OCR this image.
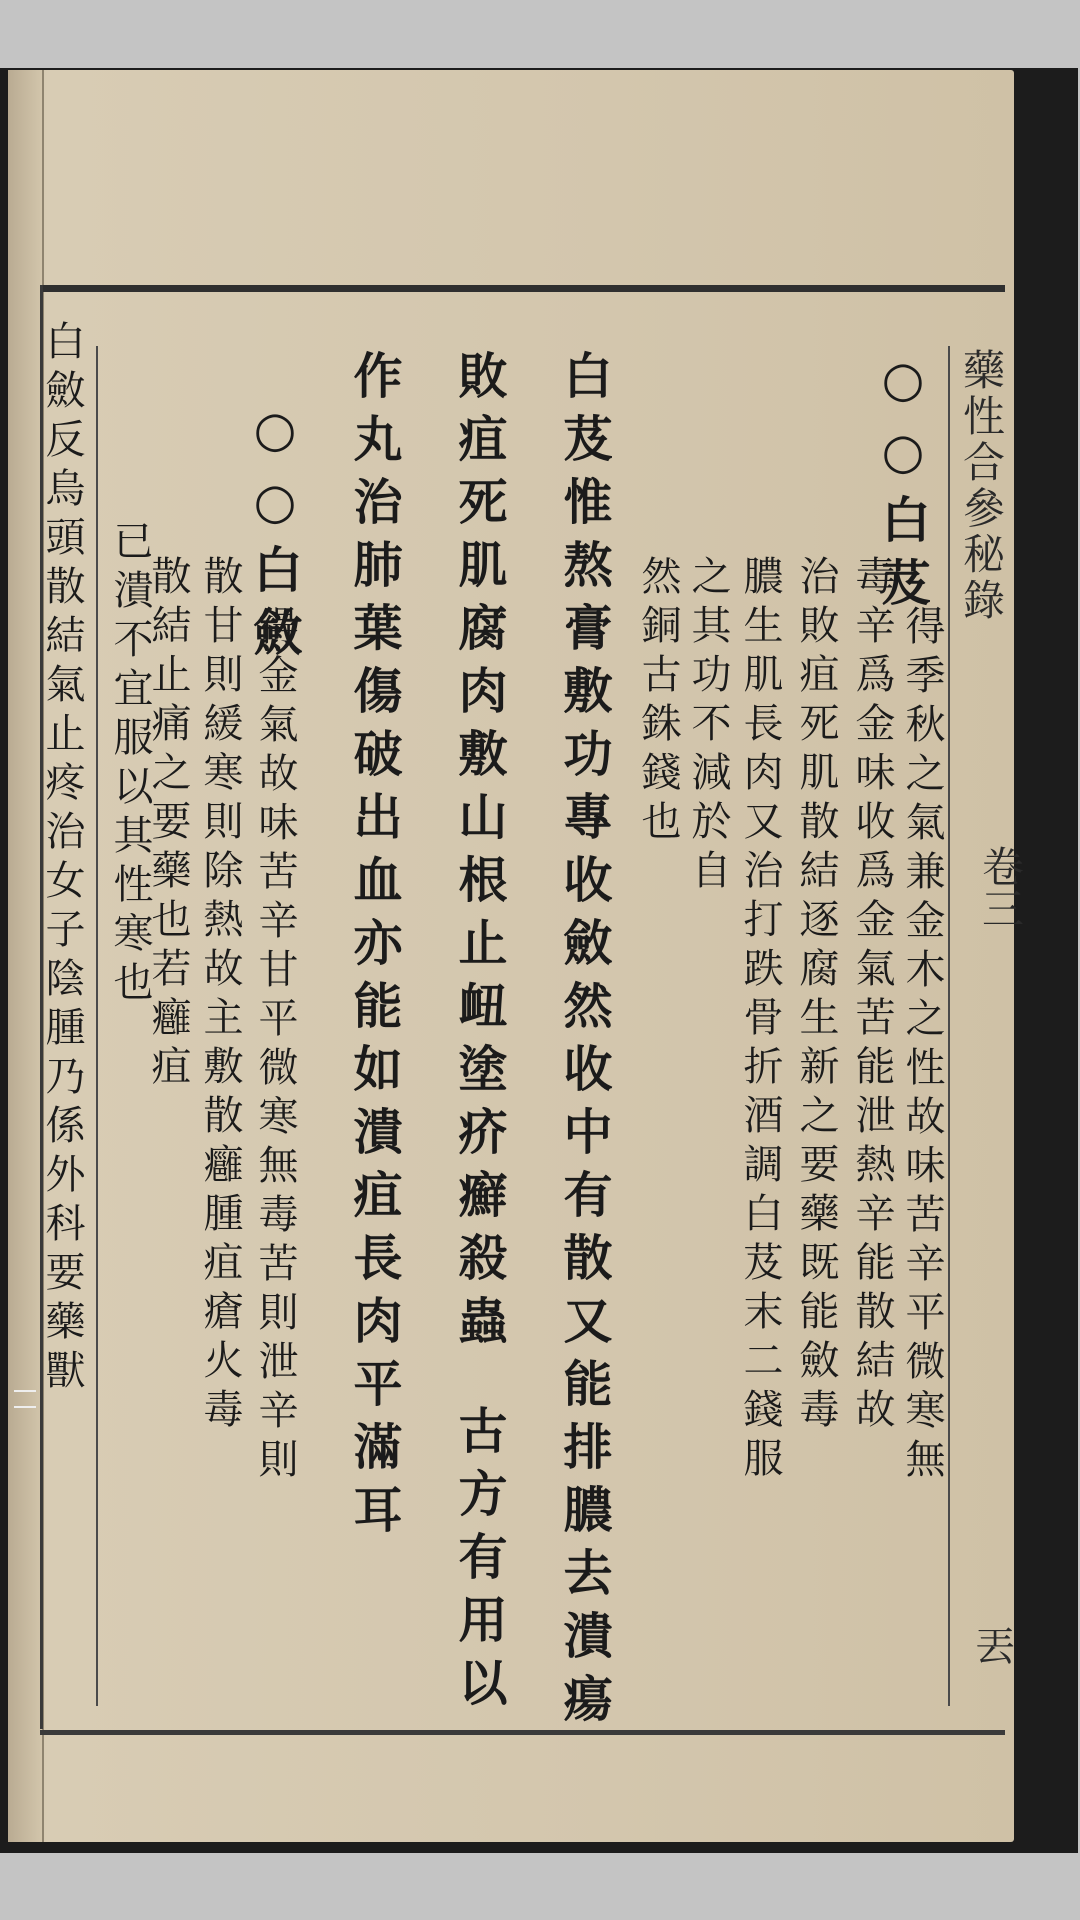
藥性合參秘錄
卷三
丟
○○白芨
得季秋之氣兼金木之性故味苦辛平微寒無
毒辛爲金味收爲金氣苦能泄熱辛能散結故
治敗疽死肌散結逐腐生新之要藥既能斂毒
膿生肌長肉又治打跌骨折酒調白芨末二錢服
之其功不減於自
然銅古銖錢也
白芨惟熬膏敷功專收斂然收中有散又能排膿去潰瘍
敗疽死肌腐肉敷山根止衄塗疥癬殺蟲
古方有用以
作丸治肺葉傷破出血亦能如潰疽長肉平滿耳
○○白斂
得金氣故味苦辛甘平微寒無毒苦則泄辛則
散甘則緩寒則除熱故主敷散癰腫疽瘡火毒
散結止痛之要藥也若癰疽
已潰不宜服以其性寒也
白斂反烏頭散結氣止疼治女子陰腫乃係外科要藥獸
